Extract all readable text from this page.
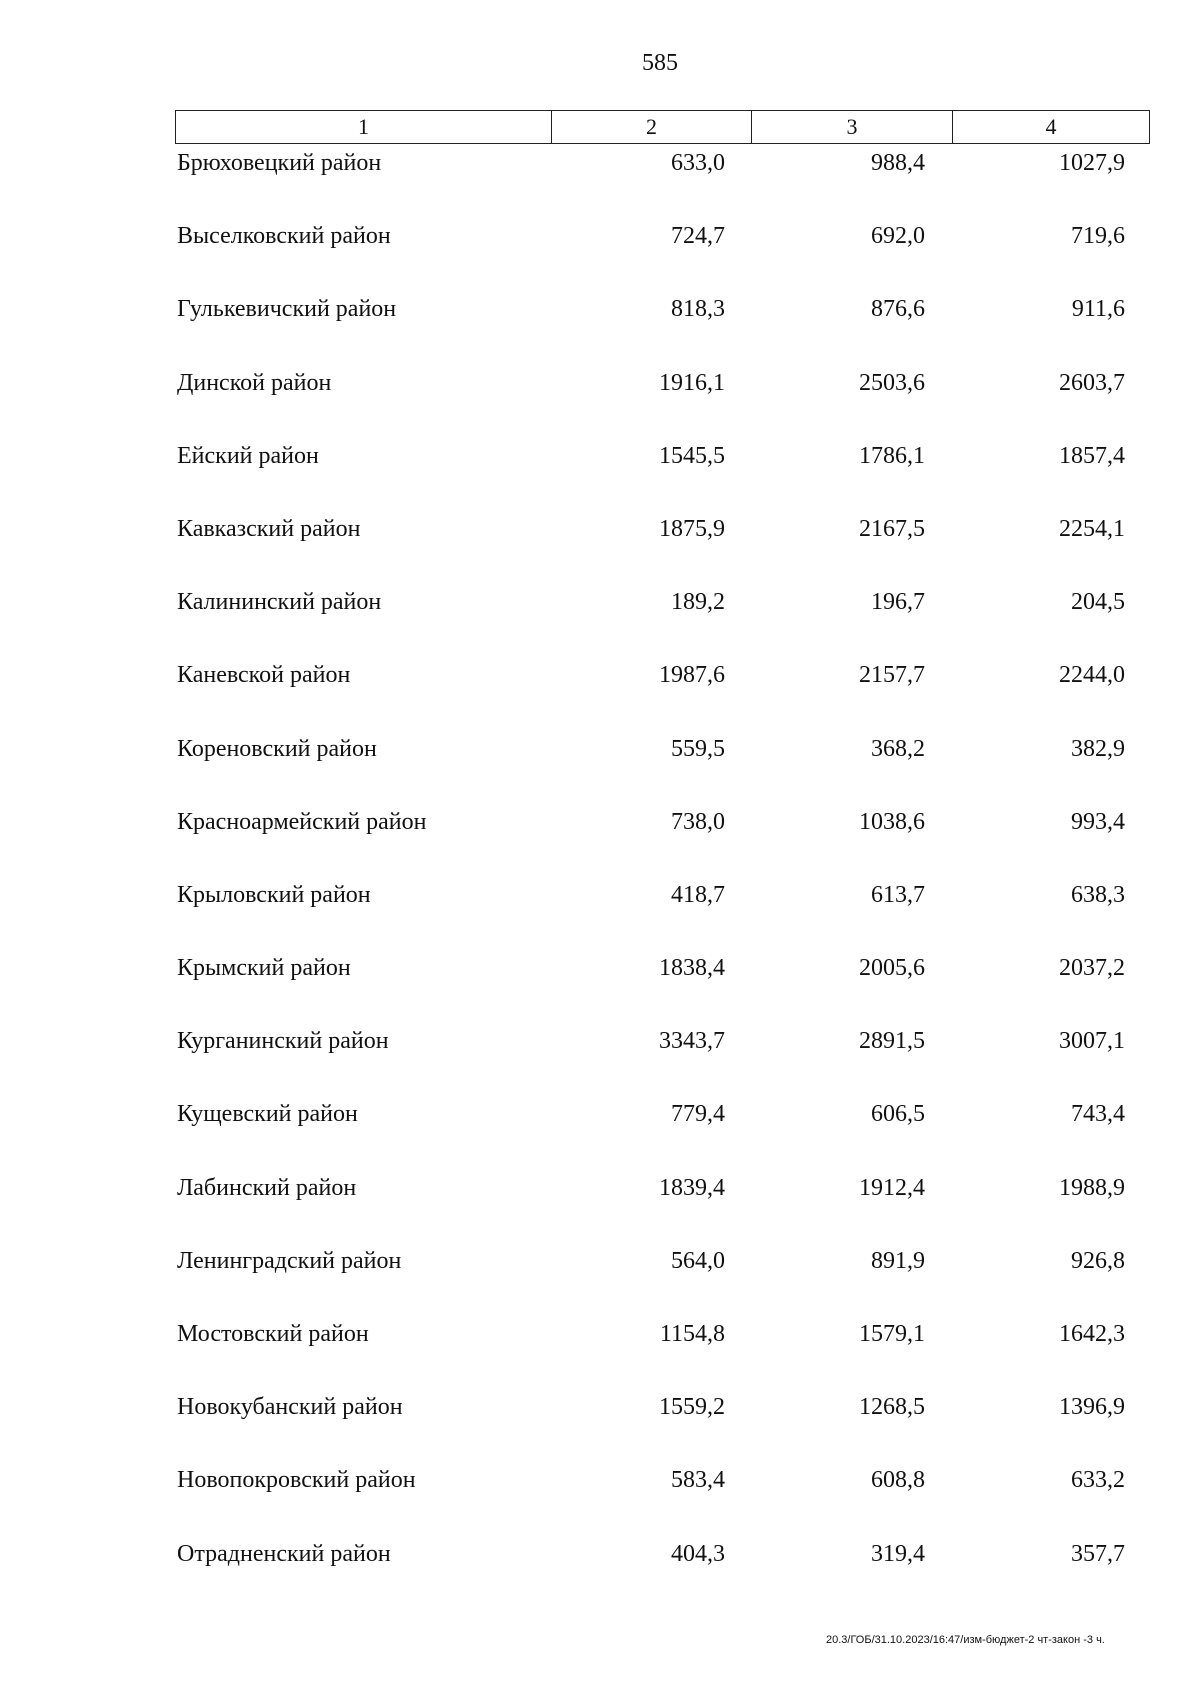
585
1	2	3	4
Брюховецкий район	633,0	988,4	1027,9
Выселковский район	724,7	692,0	719,6
Гулькевичский район	818,3	876,6	911,6
Динской район	1916,1	2503,6	2603,7
Ейский район	1545,5	1786,1	1857,4
Кавказский район	1875,9	2167,5	2254,1
Калининский район	189,2	196,7	204,5
Каневской район	1987,6	2157,7	2244,0
Кореновский район	559,5	368,2	382,9
Красноармейский район	738,0	1038,6	993,4
Крыловский район	418,7	613,7	638,3
Крымский район	1838,4	2005,6	2037,2
Курганинский район	3343,7	2891,5	3007,1
Кущевский район	779,4	606,5	743,4
Лабинский район	1839,4	1912,4	1988,9
Ленинградский район	564,0	891,9	926,8
Мостовский район	1154,8	1579,1	1642,3
Новокубанский район	1559,2	1268,5	1396,9
Новопокровский район	583,4	608,8	633,2
Отрадненский район	404,3	319,4	357,7
20.3/ГОБ/31.10.2023/16:47/изм-бюджет-2 чт-закон -3 ч.
